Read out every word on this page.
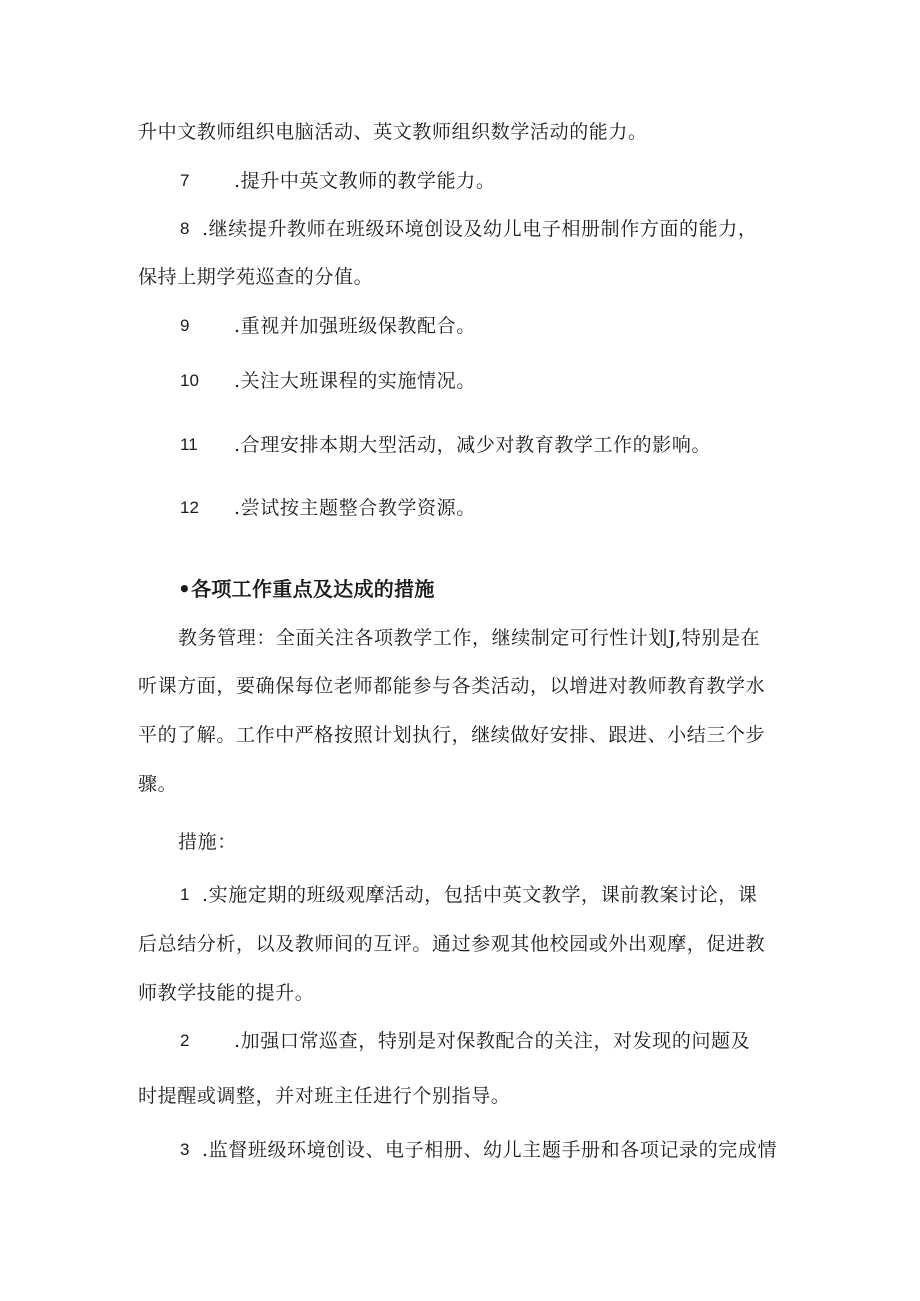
升中文教师组织电脑活动、英文教师组织数学活动的能力。

7 .提升中英文教师的教学能力。

8 .继续提升教师在班级环境创设及幼儿电子相册制作方面的能力，

保持上期学苑巡查的分值。

9 .重视并加强班级保教配合。

10 .关注大班课程的实施情况。

11 .合理安排本期大型活动，减少对教育教学工作的影响。

12 .尝试按主题整合教学资源。

•各项工作重点及达成的措施

教务管理：全面关注各项教学工作，继续制定可行性计划J,特别是在

听课方面，要确保每位老师都能参与各类活动，以增进对教师教育教学水

平的了解。工作中严格按照计划执行，继续做好安排、跟进、小结三个步

骤。

措施：

1 .实施定期的班级观摩活动，包括中英文教学，课前教案讨论，课

后总结分析，以及教师间的互评。通过参观其他校园或外出观摩，促进教

师教学技能的提升。

2 .加强口常巡查，特别是对保教配合的关注，对发现的问题及

时提醒或调整，并对班主任进行个别指导。

3 .监督班级环境创设、电子相册、幼儿主题手册和各项记录的完成情
